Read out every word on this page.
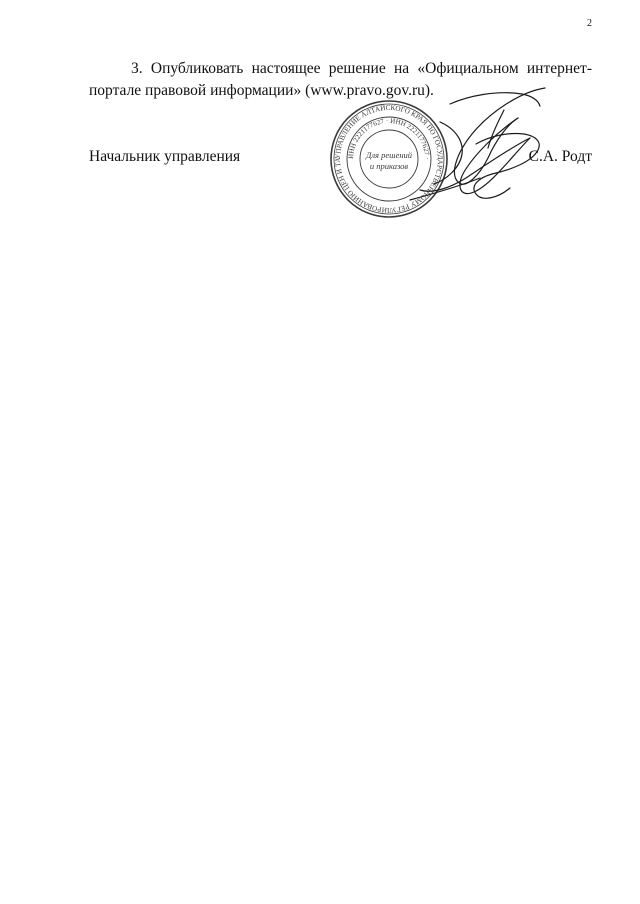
2

3. Опубликовать настоящее решение на «Официальном интернет-портале правовой информации» (www.pravo.gov.ru).

Начальник управления	С.А. Родт
УПРАВЛЕНИЕ АЛТАЙСКОГО КРАЯ ПО ГОСУДАРСТВЕННОМУ РЕГУЛИРОВАНИЮ ЦЕН И ТА
ИНН 2221177627 · ИНН 2221177627 ·
Для решений
и приказов
